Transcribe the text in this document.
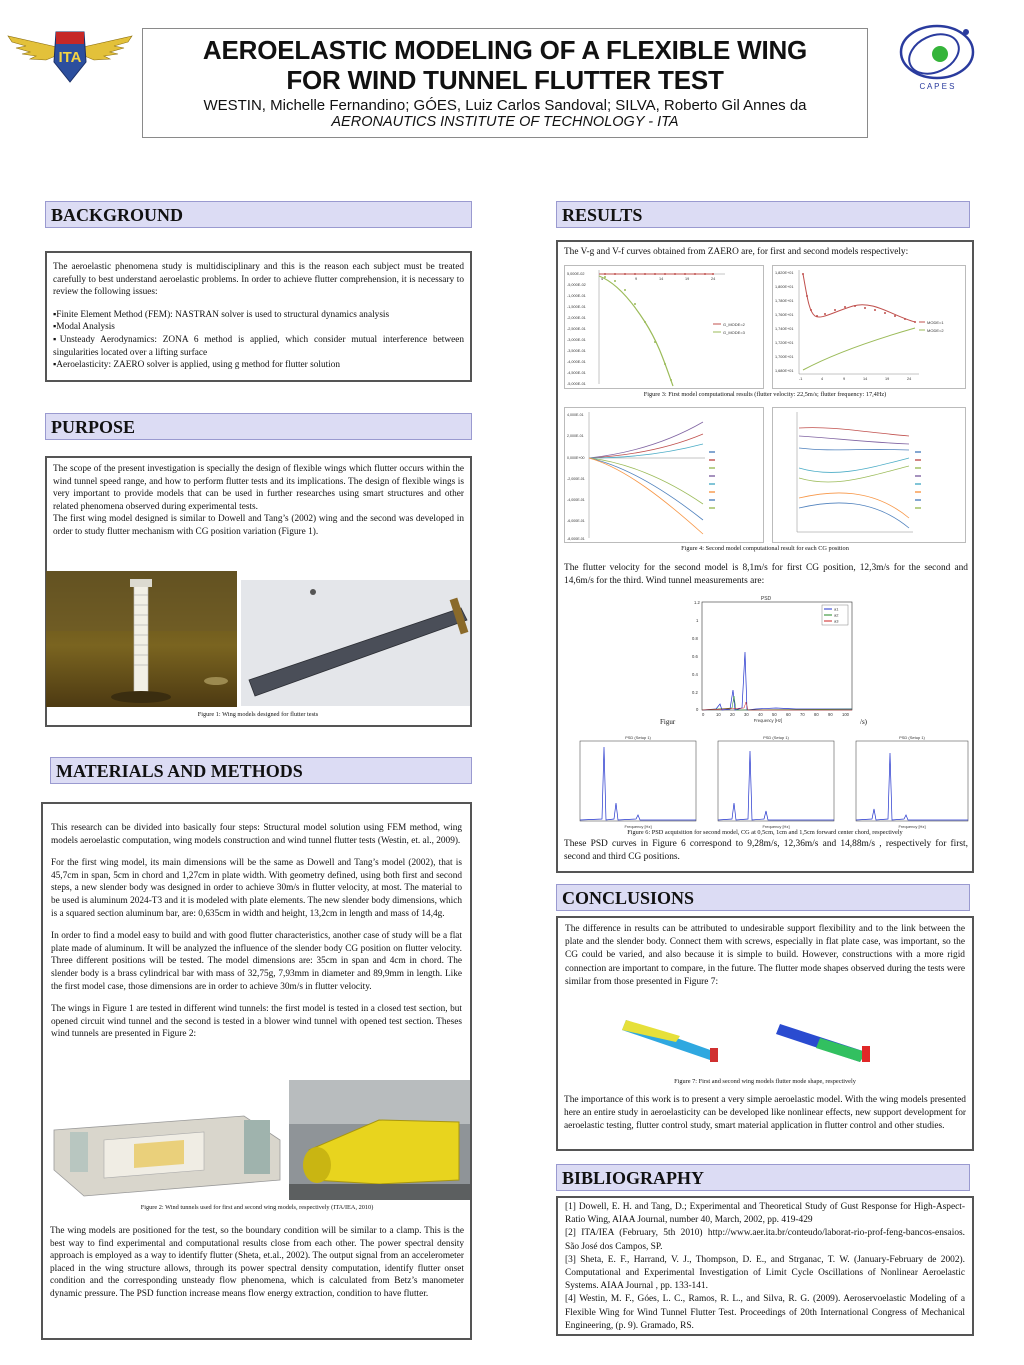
ITA	AEROELASTIC MODELING OF A FLEXIBLE WING
FOR WIND TUNNEL FLUTTER TEST
WESTIN, Michelle Fernandino; GÓES, Luiz Carlos Sandoval; SILVA, Roberto Gil Annes da
AERONAUTICS INSTITUTE OF TECHNOLOGY - ITA
C A P E S
BACKGROUND
The aeroelastic phenomena study is multidisciplinary and this is the reason each subject must be treated carefully to best understand aeroelastic problems. In order to achieve flutter comprehension, it is necessary to review the following issues:
▪ Finite Element Method (FEM): NASTRAN solver is used to structural dynamics analysis
▪ Modal Analysis
▪ Unsteady Aerodynamics: ZONA 6 method is applied, which consider mutual interference between singularities located over a lifting surface
▪ Aeroelasticity: ZAERO solver is applied, using g method for flutter solution
PURPOSE
The scope of the present investigation is specially the design of flexible wings which flutter occurs within the wind tunnel speed range, and how to perform flutter tests and its implications. The design of flexible wings is very important to provide models that can be used in further researches using smart structures and other related phenomena observed during experimental tests.
The first wing model designed is similar to Dowell and Tang’s (2002) wing and the second was developed in order to study flutter mechanism with CG position variation (Figure 1).
Figure 1: Wing models designed for flutter tests
MATERIALS AND METHODS
This research can be divided into basically four steps: Structural model solution using FEM method, wing models aeroelastic computation, wing models construction and wind tunnel flutter tests (Westin, et. al., 2009).
For the first wing model, its main dimensions will be the same as Dowell and Tang’s model (2002), that is 45,7cm in span, 5cm in chord and 1,27cm in plate width. With geometry defined, using both first and second steps, a new slender body was designed in order to achieve 30m/s in flutter velocity, at most. The material to be used is aluminum 2024-T3 and it is modeled with plate elements. The new slender body dimensions, which is a squared section aluminum bar, are: 0,635cm in width and height, 13,2cm in length and mass of 14,4g.
In order to find a model easy to build and with good flutter characteristics, another case of study will be a flat plate made of aluminum. It will be analyzed the influence of the slender body CG position on flutter velocity. Three different positions will be tested. The model dimensions are: 35cm in span and 4cm in chord. The slender body is a brass cylindrical bar with mass of 32,75g, 7,93mm in diameter and 89,9mm in length. Like the first model case, those dimensions are in order to achieve 30m/s in flutter velocity.
The wings in Figure 1 are tested in different wind tunnels: the first model is tested in a closed test section, but opened circuit wind tunnel and the second is tested in a blower wind tunnel with opened test section. Theses wind tunnels are presented in Figure 2:
Figure 2: Wind tunnels used for first and second wing models, respectively (ITA/IEA, 2010)
The wing models are positioned for the test, so the boundary condition will be similar to a clamp. This is the best way to find experimental and computational results close from each other. The power spectral density approach is employed as a way to identify flutter (Sheta, et.al., 2002). The output signal from an accelerometer placed in the wing structure allows, through its power spectral density computation, identify flutter onset condition and the corresponding unsteady flow phenomena, which is calculated from Betz’s manometer dynamic pressure. The PSD function increase means flow energy extraction, condition to have flutter.
RESULTS
The V-g and V-f curves obtained from ZAERO are, for first and second models respectively:
5,000E-02
-5,000E-02
-1,000E-01
-1,500E-01
-2,000E-01
-2,500E-01
-3,000E-01
-3,500E-01
-4,000E-01
-4,500E-01
-5,000E-01
4	9	14	19	24
G_MODE=2
G_MODE=3
1,820E+01
1,800E+01
1,780E+01
1,760E+01
1,740E+01
1,720E+01
1,700E+01
1,680E+01
-1	4	9	14	19	24
MODE=1
MODE=2
Figure 3: First model computational results (flutter velocity: 22,5m/s; flutter frequency: 17,4Hz)
4,000E-01
2,000E-01
0,000E+00
-2,000E-01
-4,000E-01
-6,000E-01
-8,000E-01
Figure 4: Second model computational result for each CG position
The flutter velocity for the second model is 8,1m/s for first CG position, 12,3m/s for the second and 14,6m/s for the third. Wind tunnel measurements are:
PSD
1.2
1
0.8
0.6
0.4
0.2
0
0	10 20 30 40 50 60 70 80 90 100
Frequency [Hz]
a1
a2
a3
Figur	/s)
PSD (Setup 1)
Frequency [Hz]
PSD (Setup 1)
Frequency [Hz]
PSD (Setup 1)
Frequency [Hz]
Figure 6: PSD acquisition for second model, CG at 0,5cm, 1cm and 1,5cm forward center chord, respectively
These PSD curves in Figure 6 correspond to 9,28m/s, 12,36m/s and 14,88m/s , respectively for first, second and third CG positions.
CONCLUSIONS
The difference in results can be attributed to undesirable support flexibility and to the link between the plate and the slender body. Connect them with screws, especially in flat plate case, was important, so the CG could be varied, and also because it is simple to build. However, constructions with a more rigid connection are important to compare, in the future. The flutter mode shapes observed during the tests were similar from those presented in Figure 7:
Figure 7: First and second wing models flutter mode shape, respectively
The importance of this work is to present a very simple aeroelastic model. With the wing models presented here an entire study in aeroelasticity can be developed like nonlinear effects, new support development for aeroelastic testing, flutter control study, smart material application in flutter control and other studies.
BIBLIOGRAPHY
[1] Dowell, E. H. and Tang, D.; Experimental and Theoretical Study of Gust Response for High-Aspect-Ratio Wing, AIAA Journal, number 40, March, 2002, pp. 419-429
[2] ITA/IEA (February, 5th 2010) http://www.aer.ita.br/conteudo/laborat-rio-prof-feng-bancos-ensaios. São José dos Campos, SP.
[3] Sheta, E. F., Harrand, V. J., Thompson, D. E., and Strganac, T. W. (January-February de 2002). Computational and Experimental Investigation of Limit Cycle Oscillations of Nonlinear Aeroelastic Systems. AIAA Journal , pp. 133-141.
[4] Westin, M. F., Góes, L. C., Ramos, R. L., and Silva, R. G. (2009). Aeroservoelastic Modeling of a Flexible Wing for Wind Tunnel Flutter Test. Proceedings of 20th International Congress of Mechanical Engineering, (p. 9). Gramado, RS.
